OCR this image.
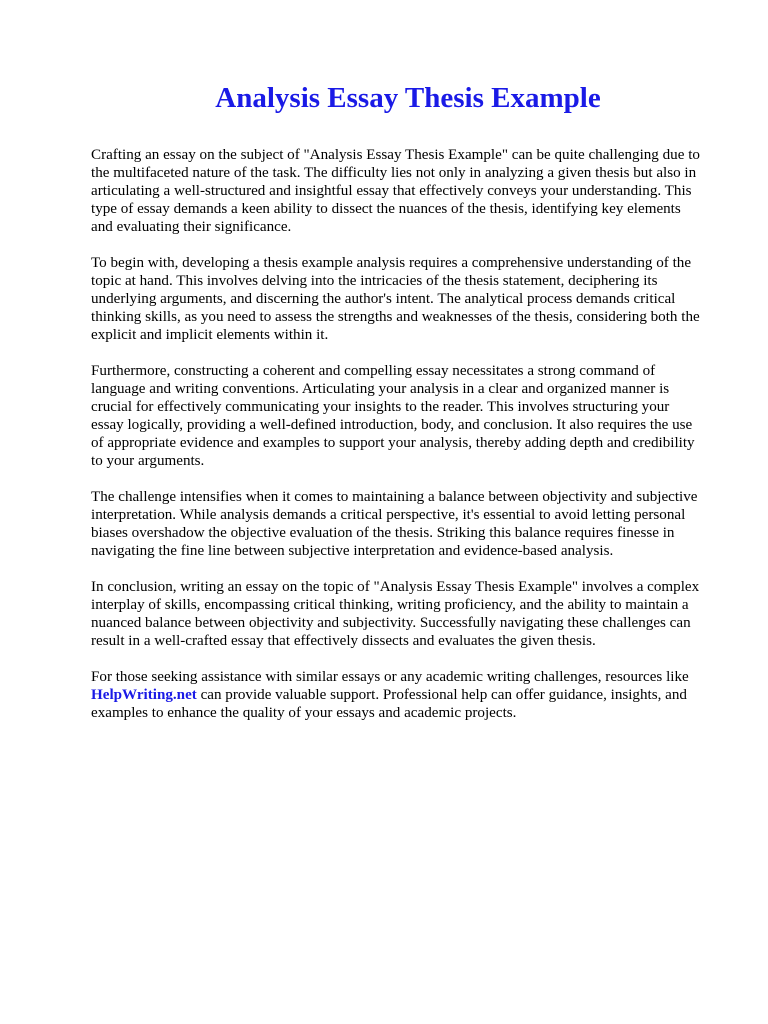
Analysis Essay Thesis Example

Crafting an essay on the subject of "Analysis Essay Thesis Example" can be quite challenging due to
the multifaceted nature of the task. The difficulty lies not only in analyzing a given thesis but also in
articulating a well-structured and insightful essay that effectively conveys your understanding. This
type of essay demands a keen ability to dissect the nuances of the thesis, identifying key elements
and evaluating their significance.

To begin with, developing a thesis example analysis requires a comprehensive understanding of the
topic at hand. This involves delving into the intricacies of the thesis statement, deciphering its
underlying arguments, and discerning the author's intent. The analytical process demands critical
thinking skills, as you need to assess the strengths and weaknesses of the thesis, considering both the
explicit and implicit elements within it.

Furthermore, constructing a coherent and compelling essay necessitates a strong command of
language and writing conventions. Articulating your analysis in a clear and organized manner is
crucial for effectively communicating your insights to the reader. This involves structuring your
essay logically, providing a well-defined introduction, body, and conclusion. It also requires the use
of appropriate evidence and examples to support your analysis, thereby adding depth and credibility
to your arguments.

The challenge intensifies when it comes to maintaining a balance between objectivity and subjective
interpretation. While analysis demands a critical perspective, it's essential to avoid letting personal
biases overshadow the objective evaluation of the thesis. Striking this balance requires finesse in
navigating the fine line between subjective interpretation and evidence-based analysis.

In conclusion, writing an essay on the topic of "Analysis Essay Thesis Example" involves a complex
interplay of skills, encompassing critical thinking, writing proficiency, and the ability to maintain a
nuanced balance between objectivity and subjectivity. Successfully navigating these challenges can
result in a well-crafted essay that effectively dissects and evaluates the given thesis.

For those seeking assistance with similar essays or any academic writing challenges, resources like
HelpWriting.net can provide valuable support. Professional help can offer guidance, insights, and
examples to enhance the quality of your essays and academic projects.
